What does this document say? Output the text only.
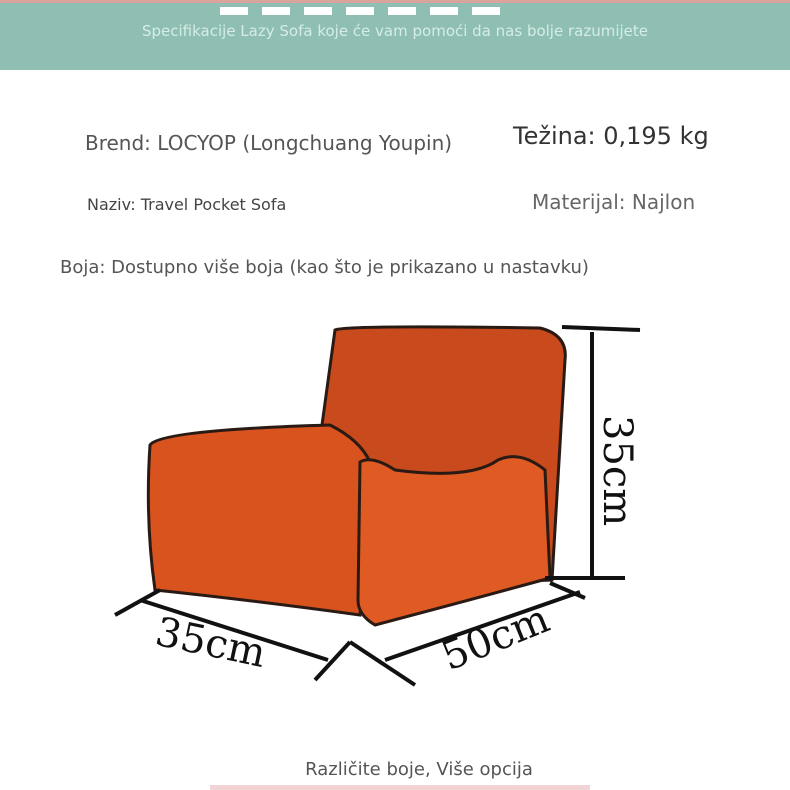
Specifikacije Lazy Sofa koje će vam pomoći da nas bolje razumijete
Brend: LOCYOP (Longchuang Youpin)	Težina: 0,195 kg
Naziv: Travel Pocket Sofa	Materijal: Najlon
Boja: Dostupno više boja (kao što je prikazano u nastavku)
35cm
35cm	50cm
Različite boje, Više opcija
